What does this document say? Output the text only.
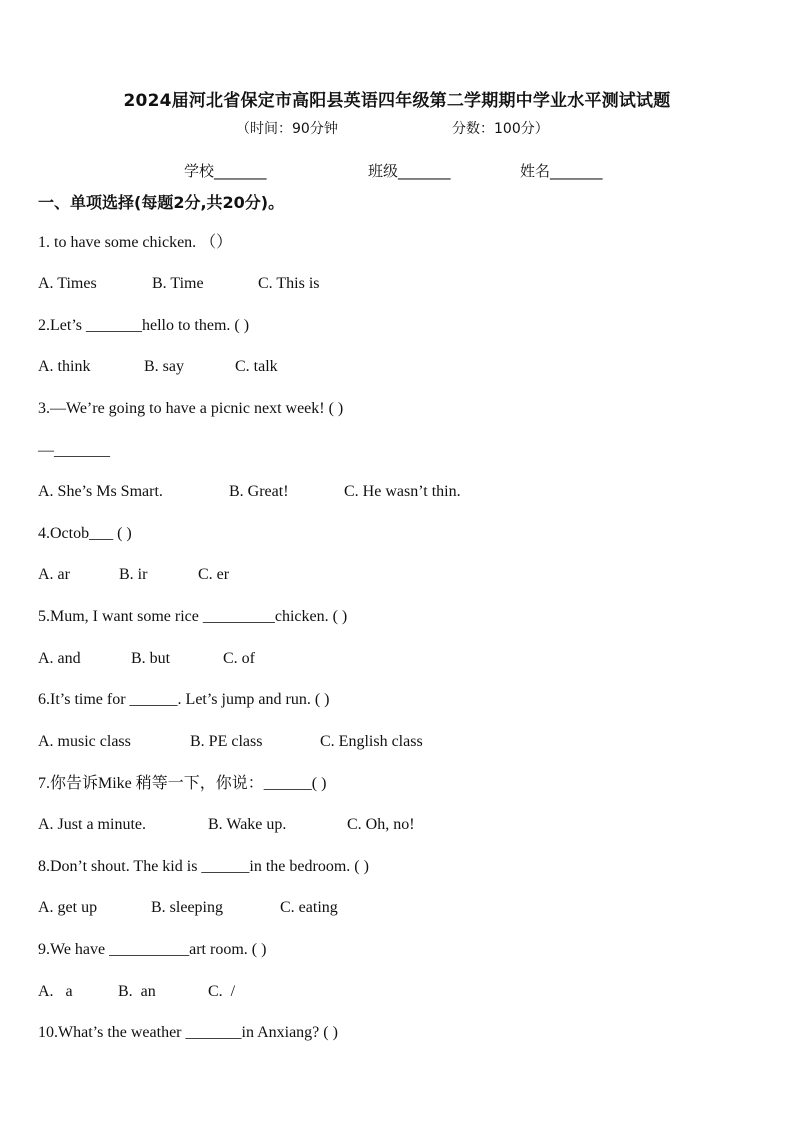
2024届河北省保定市高阳县英语四年级第二学期期中学业水平测试试题
（时间：90分钟	分数：100分）
学校_______	班级_______	姓名_______
一、单项选择(每题2分,共20分)。
1. to have some chicken. （）
A. Times	B. Time	C. This is
2.Let’s _______hello to them. ( )
A. think	B. say	C. talk
3.—We’re going to have a picnic next week! ( )
—_______
A. She’s Ms Smart.	B. Great!	C. He wasn’t thin.
4.Octob___ ( )
A. ar	B. ir	C. er
5.Mum, I want some rice _________chicken. ( )
A. and	B. but	C. of
6.It’s time for ______. Let’s jump and run. ( )
A. music class	B. PE class	C. English class
7.你告诉Mike 稍等一下，你说：______( )
A. Just a minute.	B. Wake up.	C. Oh, no!
8.Don’t shout. The kid is ______in the bedroom. ( )
A. get up	B. sleeping	C. eating
9.We have __________art room. ( )
A.   a	B.  an	C.  /
10.What’s the weather _______in Anxiang? ( )
